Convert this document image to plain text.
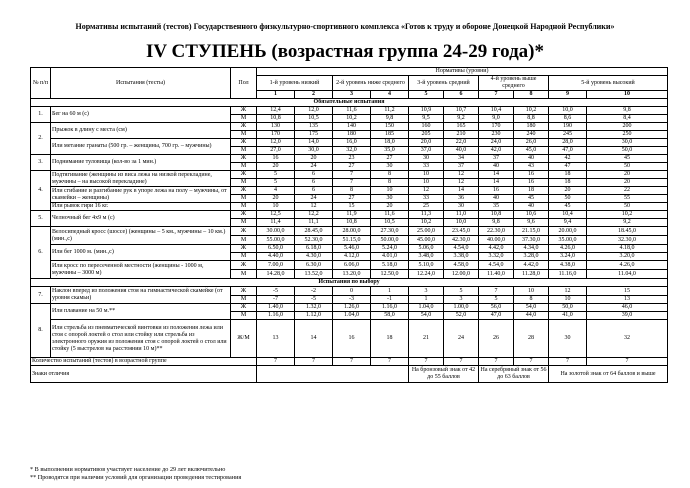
Нормативы испытаний (тестов) Государственного физкультурно-спортивного комплекса «Готов к труду и обороне Донецкой Народной Республики»
IV СТУПЕНЬ (возрастная группа 24-29 года)*
№ п/п	Испытания (тесты)	Пол	Нормативы (уровни)									
			1-й уровень низкий		2-й уровень ниже среднего		3-й уровень средний		4-й уровень выше среднего		5-й уровень высокий	
			1	2	3	4	5	6	7	8	9	10
Обязательные испытания												
1.	Бег на 60 м (с)	Ж	12,4	12,0	11,6	11,2	10,9	10,7	10,4	10,2	10,0	9,8
		М	10,8	10,5	10,2	9,8	9,5	9,2	9,0	8,8	8,6	8,4
2.	Прыжок в длину с места (см)	Ж	130	135	140	150	160	165	170	180	190	200
		М	170	175	180	185	205	210	230	240	245	250
	Или метание гранаты (500 гр. – женщины, 700 гр. – мужчины)	Ж	12,0	14,0	16,0	18,0	20,0	22,0	24,0	26,0	28,0	30,0
		М	27,0	30,0	32,0	35,0	37,0	40,0	42,0	45,0	47,0	50,0
3.	Поднимание туловища (кол-во за 1 мин.)	Ж	16	20	23	27	30	34	37	40	42	45
		М	20	24	27	30	33	37	40	43	47	50
4.	Подтягивание (женщины из виса лежа на низкой перекладине, мужчины – на высокой перекладине)	Ж	5	6	7	8	10	12	14	16	18	20
		М	5	6	7	8	10	12	14	16	18	20
	Или сгибание и разгибание рук в упоре лежа на полу – мужчины, от скамейки – женщины)	Ж	4	6	8	10	12	14	16	18	20	22
		М	20	24	27	30	33	36	40	45	50	55
	Или рывок гири 16 кг.	М	10	12	15	20	25	30	35	40	45	50
5.	Челночный бег 4х9 м (с)	Ж	12,5	12,2	11,9	11,6	11,3	11,0	10,8	10,6	10,4	10,2
		М	11,4	11,1	10,8	10,5	10,2	10,0	9,8	9,6	9,4	9,2
6.	Велосипедный кросс (шоссе) (женщины – 5 км., мужчины – 10 км.) (мин.,с)	Ж	30.00,0	28.45,0	28.00,0	27.30,0	25.00,0	23.45,0	22.30,0	21.15,0	20.00,0	18.45,0
		М	55.00,0	52.30,0	51.15,0	50.00,0	45.00,0	42.30,0	40.00,0	37.30,0	35.00,0	32.30,0
	Или бег 1000 м. (мин.,с)	Ж	6.50,0	6.18,0	5.46,0	5.24,0	5.06,0	4.54,0	4.42,0	4.34,0	4.26,0	4.18,0
		М	4.40,0	4.30,0	4.12,0	4.01,0	3.48,0	3.38,0	3.32,0	3.28,0	3.24,0	3.20,0
	Или кросс по пересеченной местности (женщины - 1000 м, мужчины – 3000 м)	Ж	7.00,0	6.30,0	6.06,0	5.18,0	5.10,0	4.58,0	4.54,0	4.42,0	4.38,0	4.26,0
		М	14.28,0	13.52,0	13.20,0	12.50,0	12.24,0	12.00,0	11.40,0	11.28,0	11.16,0	11.04,0
Испытания по выбору												
7.	Наклон вперед из положения стоя на гимнастической скамейке (от уровня скамьи)	Ж	-5	-2	0	1	3	5	7	10	12	15
		М	-7	-5	-3	-1	1	3	5	8	10	13
8.	Или плавание на 50 м.**	Ж	1.40,0	1.32,0	1.26,0	1.16,0	1.04,0	1.00,0	56,0	54,0	50,0	46,0
		М	1.16,0	1.12,0	1.04,0	58,0	54,0	52,0	47,0	44,0	41,0	39,0
	Или стрельба из пневматической винтовки из положения лежа или стоя с опорой локтей о стол или стойку или стрельба из электронного оружия из положения стоя с опорой локтей о стол или стойку (5 выстрелов на расстоянии 10 м)**	Ж/М	13	14	16	18	21	24	26	28	30	32
Количество испытаний (тестов) в возрастной группе			7	7	7	7	7	7	7	7	7	7
Знаки отличия							На бронзовый знак от 42 до 55 баллов		На серебряный знак от 56 до 63 баллов		На золотой знак от 64 баллов и выше	
* В выполнении нормативов участвует население до 29 лет включительно
** Проводятся при наличии условий для организации проведения тестирования
